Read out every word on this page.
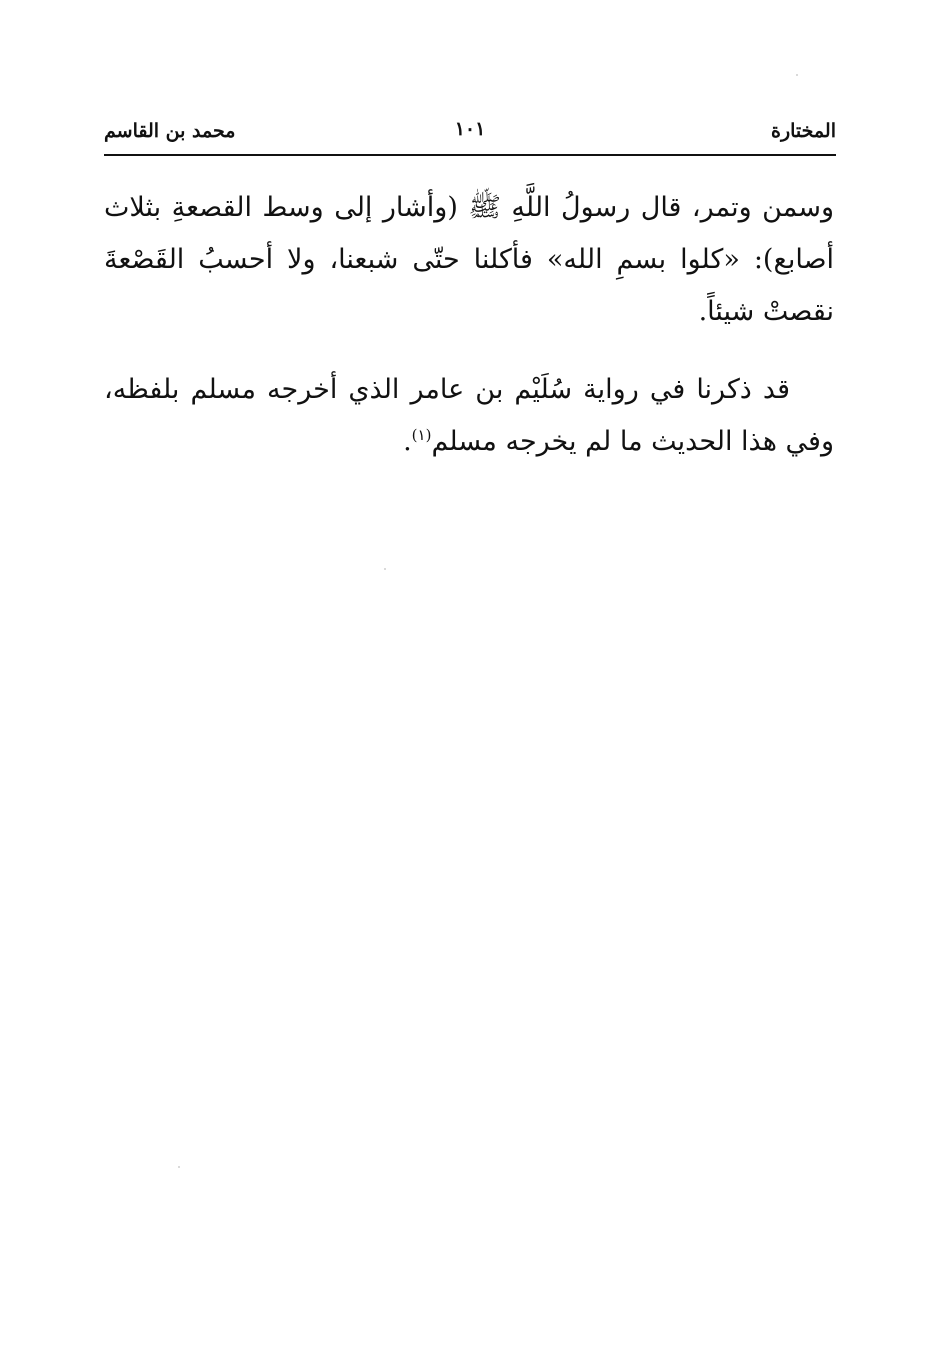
المختارة
١٠١
محمد بن القاسم

وسمن وتمر، قال رسولُ اللَّهِ ﷺ (وأشار إلى وسط القصعةِ بثلاث أصابع): «كلوا بسمِ الله» فأكلنا حتّى شبعنا، ولا أحسبُ القَصْعةَ نقصتْ شيئاً.

قد ذكرنا في رواية سُلَيْم بن عامر الذي أخرجه مسلم بلفظه، وفي هذا الحديث ما لم يخرجه مسلم$^{(١)}$.
